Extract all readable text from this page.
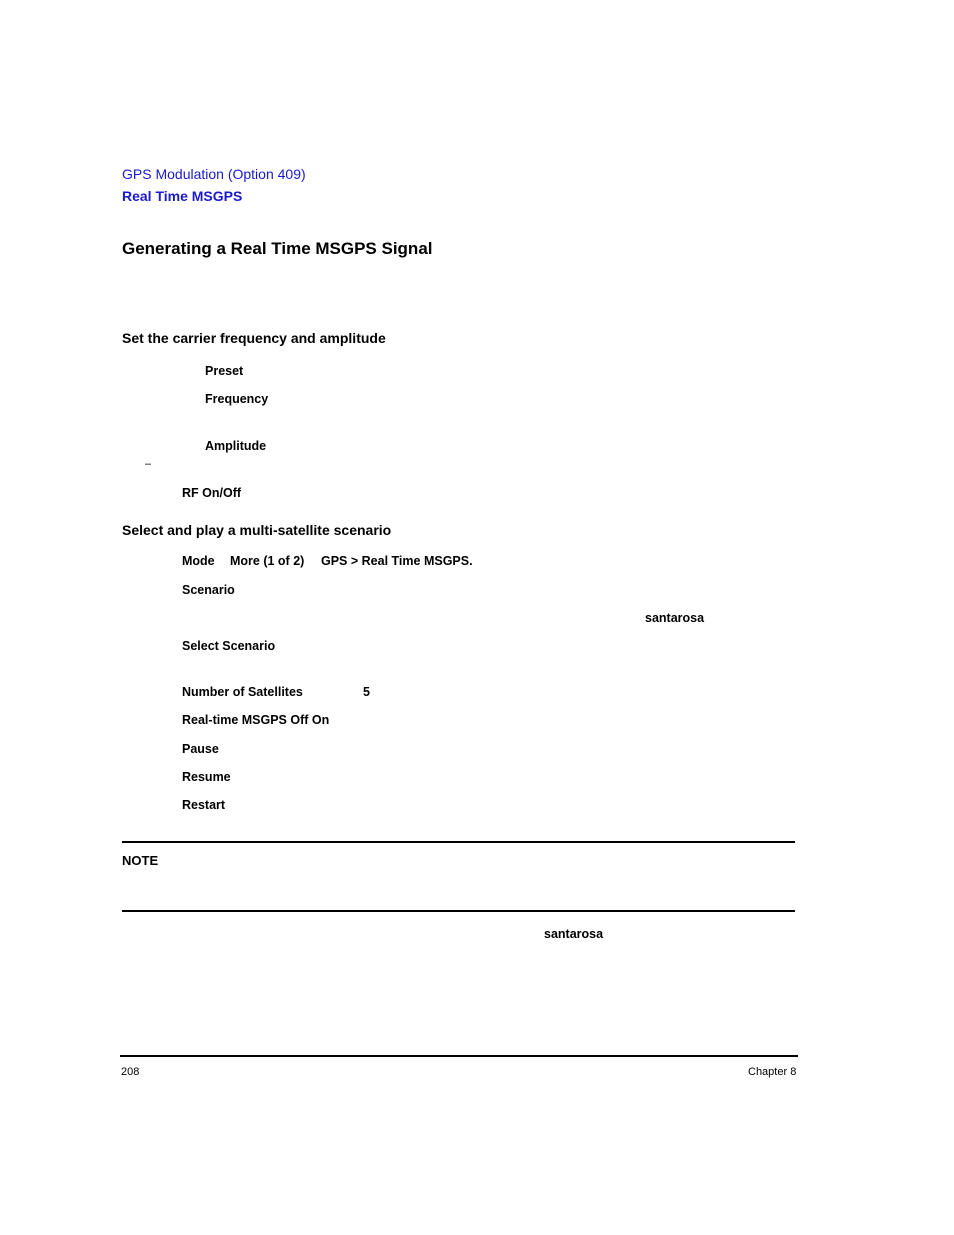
GPS Modulation (Option 409)
Real Time MSGPS
Generating a Real Time MSGPS Signal
Set the carrier frequency and amplitude
Preset
Frequency
Amplitude
–
RF On/Off
Select and play a multi-satellite scenario
Mode More (1 of 2) GPS > Real Time MSGPS.
Scenario
santarosa
Select Scenario
Number of Satellites	5
Real-time MSGPS Off On
Pause
Resume
Restart
NOTE
santarosa
208	Chapter 8
